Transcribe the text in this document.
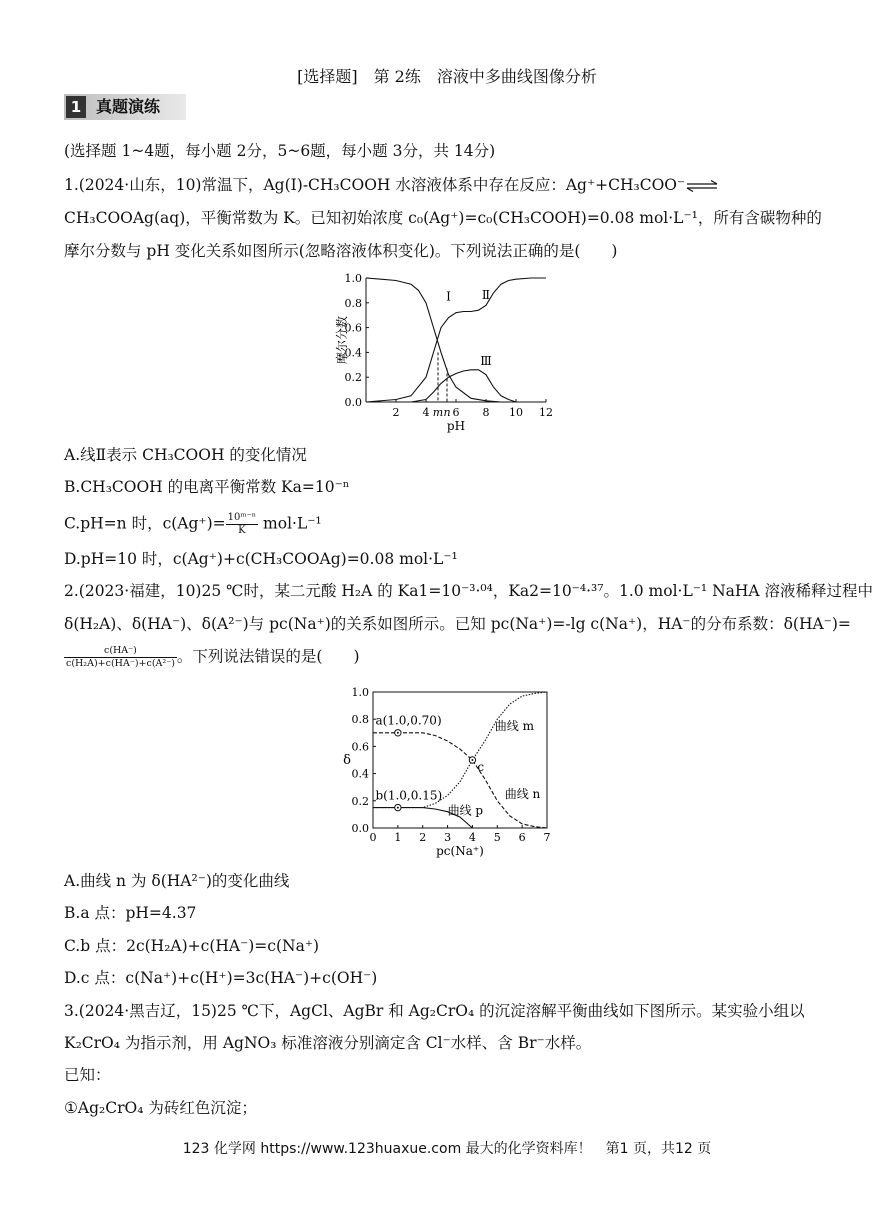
[选择题]　第 2练　溶液中多曲线图像分析
1 真题演练
(选择题 1~4题，每小题 2分，5~6题，每小题 3分，共 14分)
1.(2024·山东，10)常温下，Ag(Ⅰ)-CH₃COOH 水溶液体系中存在反应：Ag⁺+CH₃COO⁻⇌
CH₃COOAg(aq)，平衡常数为 K。已知初始浓度 c₀(Ag⁺)=c₀(CH₃COOH)=0.08 mol·L⁻¹，所有含碳物种的
摩尔分数与 pH 变化关系如图所示(忽略溶液体积变化)。下列说法正确的是(　　)
0.0
0.2
0.4
0.6
0.8
1.0
2 4 6 8 10 12
pH
摩尔分数
Ⅰ	Ⅱ
Ⅲ
m n
A.线Ⅱ表示 CH₃COOH 的变化情况
B.CH₃COOH 的电离平衡常数 Ka=10⁻ⁿ
C.pH=n 时，$c(Ag^+)= \frac{\text{10ᵐ⁻ⁿ}}{K} mol\cdot L^{-1}$
D.pH=10 时，c(Ag⁺)+c(CH₃COOAg)=0.08 mol·L⁻¹
2.(2023·福建，10)25 ℃时，某二元酸 H₂A 的 Ka1=10⁻³·⁰⁴，Ka2=10⁻⁴·³⁷。1.0 mol·L⁻¹ NaHA 溶液稀释过程中
δ(H₂A)、δ(HA⁻)、δ(A²⁻)与 pc(Na⁺)的关系如图所示。已知 pc(Na⁺)=-lg c(Na⁺)，HA⁻的分布系数：δ(HA⁻)=
$\frac{c(HA^-)}{\text{c(H₂A)+c(HA⁻)+c(A²⁻)}}$ 。下列说法错误的是(　　)
0.0
0.2
0.4
0.6
0.8
1.0
0 1 2 3 4 5 6 7
pc(Na⁺)
δ
a(1.0,0.70)
b(1.0,0.15)
c
曲线 m
曲线 n
曲线 p
A.曲线 n 为 δ(HA²⁻)的变化曲线
B.a 点：pH=4.37
C.b 点：2c(H₂A)+c(HA⁻)=c(Na⁺)
D.c 点：c(Na⁺)+c(H⁺)=3c(HA⁻)+c(OH⁻)
3.(2024·黑吉辽，15)25 ℃下，AgCl、AgBr 和 Ag₂CrO₄ 的沉淀溶解平衡曲线如下图所示。某实验小组以
K₂CrO₄ 为指示剂，用 AgNO₃ 标准溶液分别滴定含 Cl⁻水样、含 Br⁻水样。
已知：
①Ag₂CrO₄ 为砖红色沉淀；
123 化学网 https://www.123huaxue.com 最大的化学资料库！　第1 页，共12 页
